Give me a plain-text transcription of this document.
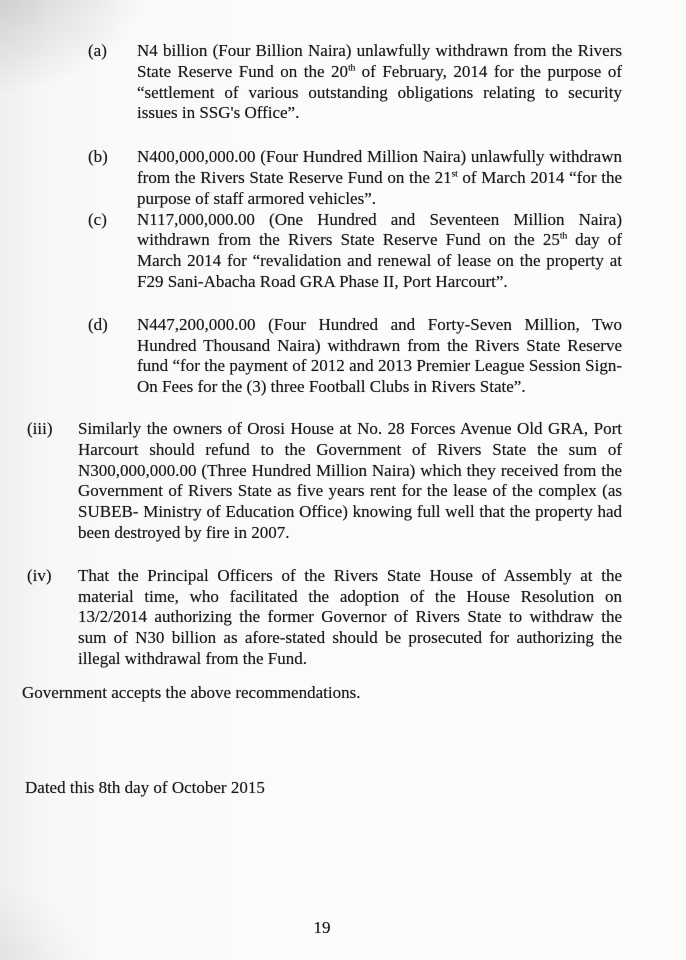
(a)	N4 billion (Four Billion Naira) unlawfully withdrawn from the Rivers State Reserve Fund on the 20th of February, 2014 for the purpose of “settlement of various outstanding obligations relating to security issues in SSG's Office”.
(b)	N400,000,000.00 (Four Hundred Million Naira) unlawfully withdrawn from the Rivers State Reserve Fund on the 21st of March 2014 “for the purpose of staff armored vehicles”.
(c)	N117,000,000.00 (One Hundred and Seventeen Million Naira) withdrawn from the Rivers State Reserve Fund on the 25th day of March 2014 for “revalidation and renewal of lease on the property at F29 Sani-Abacha Road GRA Phase II, Port Harcourt”.
(d)	N447,200,000.00 (Four Hundred and Forty-Seven Million, Two Hundred Thousand Naira) withdrawn from the Rivers State Reserve fund “for the payment of 2012 and 2013 Premier League Session Sign-On Fees for the (3) three Football Clubs in Rivers State”.
(iii)	Similarly the owners of Orosi House at No. 28 Forces Avenue Old GRA, Port Harcourt should refund to the Government of Rivers State the sum of N300,000,000.00 (Three Hundred Million Naira) which they received from the Government of Rivers State as five years rent for the lease of the complex (as SUBEB- Ministry of Education Office) knowing full well that the property had been destroyed by fire in 2007.
(iv)	That the Principal Officers of the Rivers State House of Assembly at the material time, who facilitated the adoption of the House Resolution on 13/2/2014 authorizing the former Governor of Rivers State to withdraw the sum of N30 billion as afore-stated should be prosecuted for authorizing the illegal withdrawal from the Fund.

Government accepts the above recommendations.

Dated this 8th day of October 2015

19
